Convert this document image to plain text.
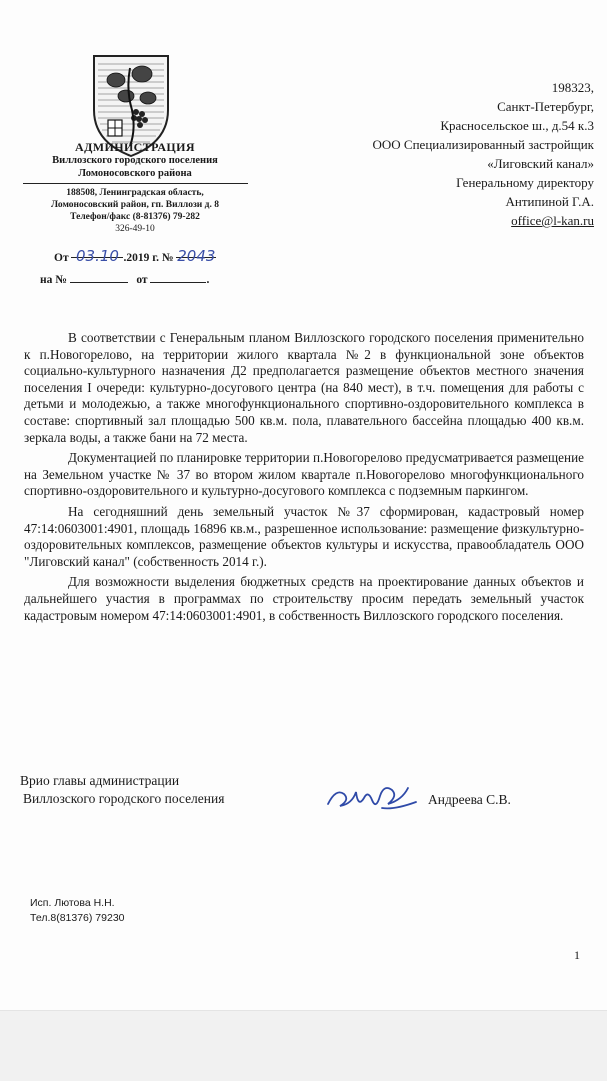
АДМИНИСТРАЦИЯ
Виллозского городского поселения
Ломоносовского района
188508, Ленинградская область,
Ломоносовский район, гп. Виллози д. 8
Телефон/факс (8-81376) 79-282
326-49-10
От 03.10 .2019 г. № 2043
на №	от	.
198323,
Санкт-Петербург,
Красносельское ш., д.54 к.3
ООО Специализированный застройщик
«Лиговский канал»
Генеральному директору
Антипиной Г.А.
office@l-kan.ru

В соответствии с Генеральным планом Виллозского городского поселения применительно к п.Новогорелово, на территории жилого квартала №2 в функциональной зоне объектов социально-культурного назначения Д2 предполагается размещение объектов местного значения поселения I очереди: культурно-досугового центра (на 840 мест), в т.ч. помещения для работы с детьми и молодежью, а также многофункционального спортивно-оздоровительного комплекса в составе: спортивный зал площадью 500 кв.м. пола, плавательного бассейна площадью 400 кв.м. зеркала воды, а также бани на 72 места.

Документацией по планировке территории п.Новогорелово предусматривается размещение на Земельном участке № 37 во втором жилом квартале п.Новогорелово многофункционального спортивно-оздоровительного и культурно-досугового комплекса с подземным паркингом.

На сегодняшний день земельный участок №37 сформирован, кадастровый номер 47:14:0603001:4901, площадь 16896 кв.м., разрешенное использование: размещение физкультурно-оздоровительных комплексов, размещение объектов культуры и искусства, правообладатель ООО "Лиговский канал" (собственность 2014 г.).

Для возможности выделения бюджетных средств на проектирование данных объектов и дальнейшего участия в программах по строительству просим передать земельный участок кадастровым номером 47:14:0603001:4901, в собственность Виллозского городского поселения.

Врио главы администрации
Виллозского городского поселения	Андреева С.В.
Исп. Лютова Н.Н.
Тел.8(81376) 79230
1
